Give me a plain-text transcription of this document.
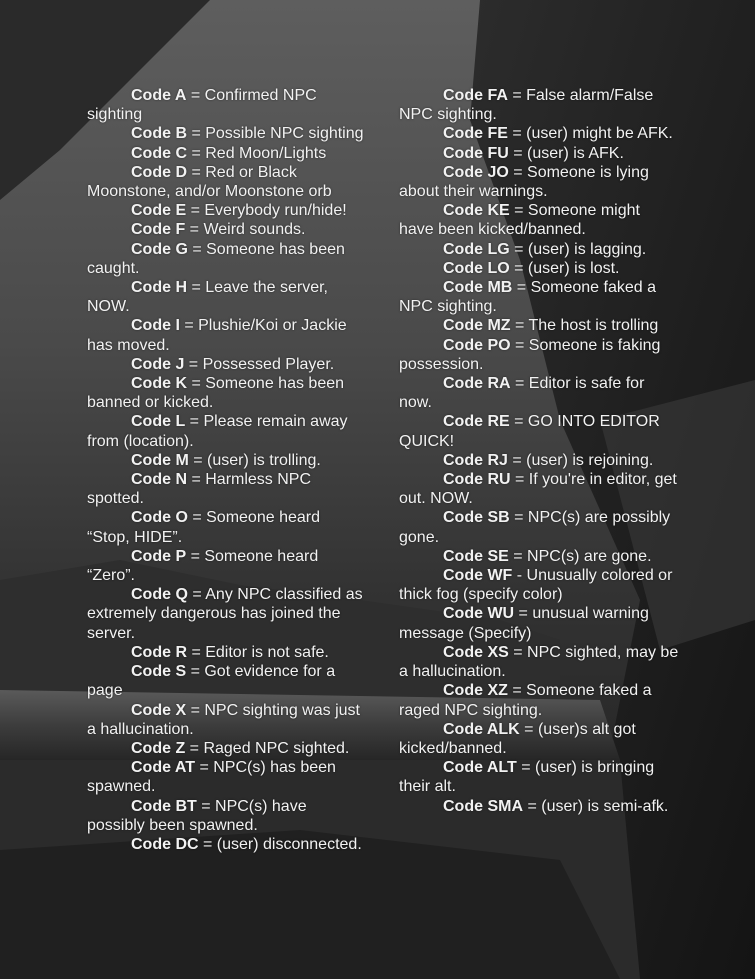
Code A = Confirmed NPC sighting

Code B = Possible NPC sighting

Code C = Red Moon/Lights

Code D = Red or Black Moonstone, and/or Moonstone orb

Code E = Everybody run/hide!

Code F = Weird sounds.

Code G = Someone has been caught.

Code H = Leave the server, NOW.

Code I = Plushie/Koi or Jackie has moved.

Code J = Possessed Player.

Code K = Someone has been banned or kicked.

Code L = Please remain away from (location).

Code M = (user) is trolling.

Code N = Harmless NPC spotted.

Code O = Someone heard “Stop, HIDE”.

Code P = Someone heard “Zero”.

Code Q = Any NPC classified as extremely dangerous has joined the server.

Code R = Editor is not safe.

Code S = Got evidence for a page

Code X = NPC sighting was just a hallucination.

Code Z = Raged NPC sighted.

Code AT = NPC(s) has been spawned.

Code BT = NPC(s) have possibly been spawned.

Code DC = (user) disconnected.

Code FA = False alarm/False NPC sighting.

Code FE = (user) might be AFK.

Code FU = (user) is AFK.

Code JO = Someone is lying about their warnings.

Code KE = Someone might have been kicked/banned.

Code LG = (user) is lagging.

Code LO = (user) is lost.

Code MB = Someone faked a NPC sighting.

Code MZ = The host is trolling

Code PO = Someone is faking possession.

Code RA = Editor is safe for now.

Code RE = GO INTO EDITOR QUICK!

Code RJ = (user) is rejoining.

Code RU = If you're in editor, get out. NOW.

Code SB = NPC(s) are possibly gone.

Code SE = NPC(s) are gone.

Code WF - Unusually colored or thick fog (specify color)

Code WU = unusual warning message (Specify)

Code XS = NPC sighted, may be a hallucination.

Code XZ = Someone faked a raged NPC sighting.

Code ALK = (user)s alt got kicked/banned.

Code ALT = (user) is bringing their alt.

Code SMA = (user) is semi-afk.
